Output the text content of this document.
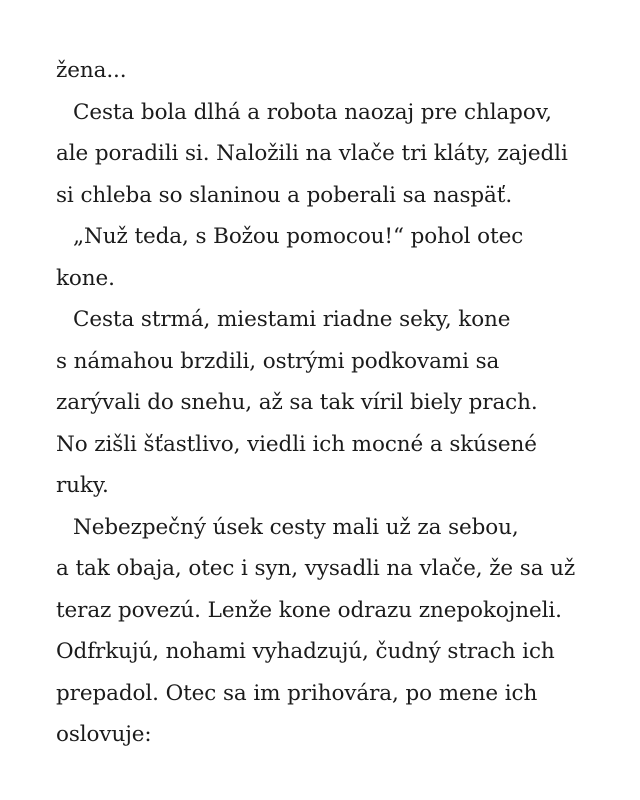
žena...
Cesta bola dlhá a robota naozaj pre chlapov,
ale poradili si. Naložili na vlače tri kláty, zajedli
si chleba so slaninou a poberali sa naspäť.
„Nuž teda, s Božou pomocou!“ pohol otec
kone.
Cesta strmá, miestami riadne seky, kone
s námahou brzdili, ostrými podkovami sa
zarývali do snehu, až sa tak víril biely prach.
No zišli šťastlivo, viedli ich mocné a skúsené
ruky.
Nebezpečný úsek cesty mali už za sebou,
a tak obaja, otec i syn, vysadli na vlače, že sa už
teraz povezú. Lenže kone odrazu znepokojneli.
Odfrkujú, nohami vyhadzujú, čudný strach ich
prepadol. Otec sa im prihovára, po mene ich
oslovuje:
